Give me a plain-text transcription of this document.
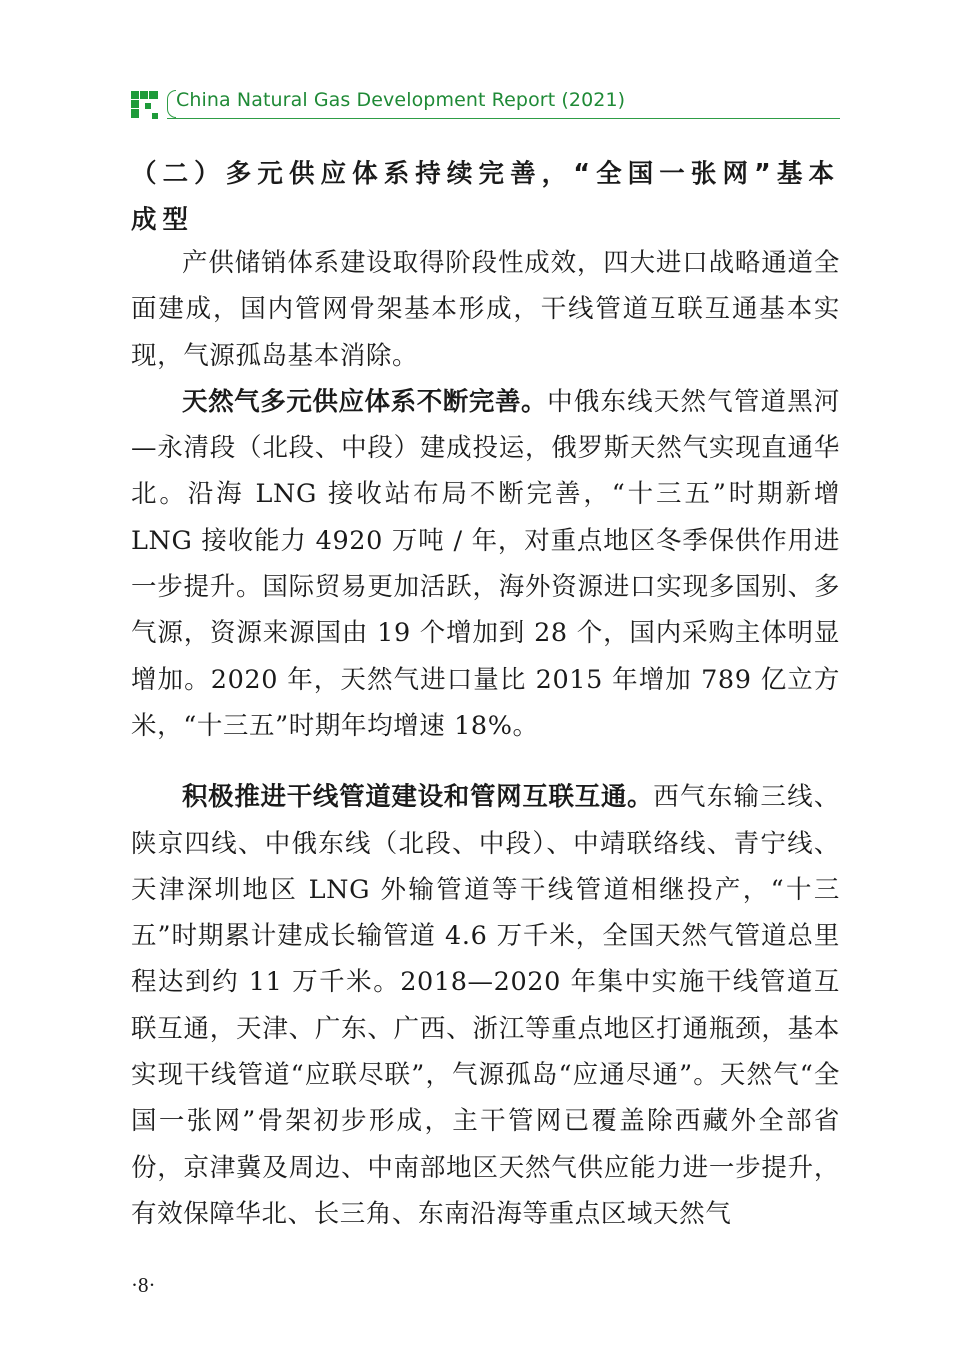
China Natural Gas Development Report (2021)
（二）多元供应体系持续完善，“全国一张网”基本成型

产供储销体系建设取得阶段性成效，四大进口战略通道全面建成，国内管网骨架基本形成，干线管道互联互通基本实现，气源孤岛基本消除。

天然气多元供应体系不断完善。中俄东线天然气管道黑河—永清段（北段、中段）建成投运，俄罗斯天然气实现直通华北。沿海 LNG 接收站布局不断完善，“十三五”时期新增 LNG 接收能力 4920 万吨 / 年，对重点地区冬季保供作用进一步提升。国际贸易更加活跃，海外资源进口实现多国别、多气源，资源来源国由 19 个增加到 28 个，国内采购主体明显增加。2020 年，天然气进口量比 2015 年增加 789 亿立方米，“十三五”时期年均增速 18%。

积极推进干线管道建设和管网互联互通。西气东输三线、陕京四线、中俄东线（北段、中段）、中靖联络线、青宁线、天津深圳地区 LNG 外输管道等干线管道相继投产，“十三五”时期累计建成长输管道 4.6 万千米，全国天然气管道总里程达到约 11 万千米。2018—2020 年集中实施干线管道互联互通，天津、广东、广西、浙江等重点地区打通瓶颈，基本实现干线管道“应联尽联”，气源孤岛“应通尽通”。天然气“全国一张网”骨架初步形成，主干管网已覆盖除西藏外全部省份，京津冀及周边、中南部地区天然气供应能力进一步提升，有效保障华北、长三角、东南沿海等重点区域天然气

·8·
